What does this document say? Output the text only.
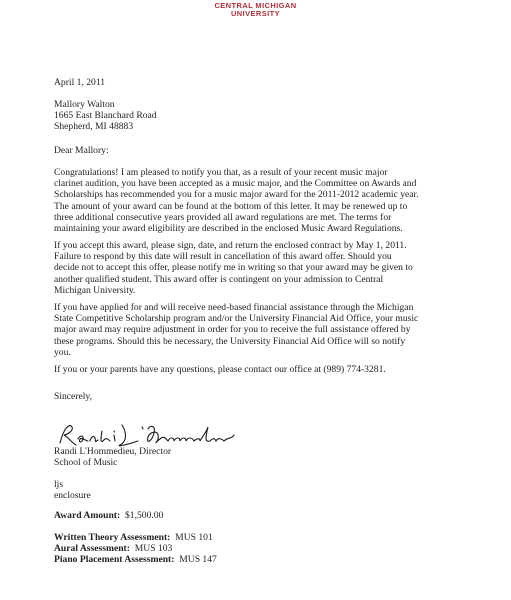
CENTRAL MICHIGAN
UNIVERSITY
April 1, 2011
Mallory Walton
1665 East Blanchard Road
Shepherd, MI 48883
Dear Mallory:
Congratulations! I am pleased to notify you that, as a result of your recent music major
clarinet audition, you have been accepted as a music major, and the Committee on Awards and
Scholarships has recommended you for a music major award for the 2011-2012 academic year.
The amount of your award can be found at the bottom of this letter. It may be renewed up to
three additional consecutive years provided all award regulations are met. The terms for
maintaining your award eligibility are described in the enclosed Music Award Regulations.
If you accept this award, please sign, date, and return the enclosed contract by May 1, 2011.
Failure to respond by this date will result in cancellation of this award offer. Should you
decide not to accept this offer, please notify me in writing so that your award may be given to
another qualified student. This award offer is contingent on your admission to Central
Michigan University.
If you have applied for and will receive need-based financial assistance through the Michigan
State Competitive Scholarship program and/or the University Financial Aid Office, your music
major award may require adjustment in order for you to receive the full assistance offered by
these programs. Should this be necessary, the University Financial Aid Office will so notify
you.
If you or your parents have any questions, please contact our office at (989) 774-3281.
Sincerely,
Randi L'Hommedieu, Director
School of Music
ljs
enclosure
Award Amount: $1,500.00
Written Theory Assessment: MUS 101
Aural Assessment: MUS 103
Piano Placement Assessment: MUS 147
